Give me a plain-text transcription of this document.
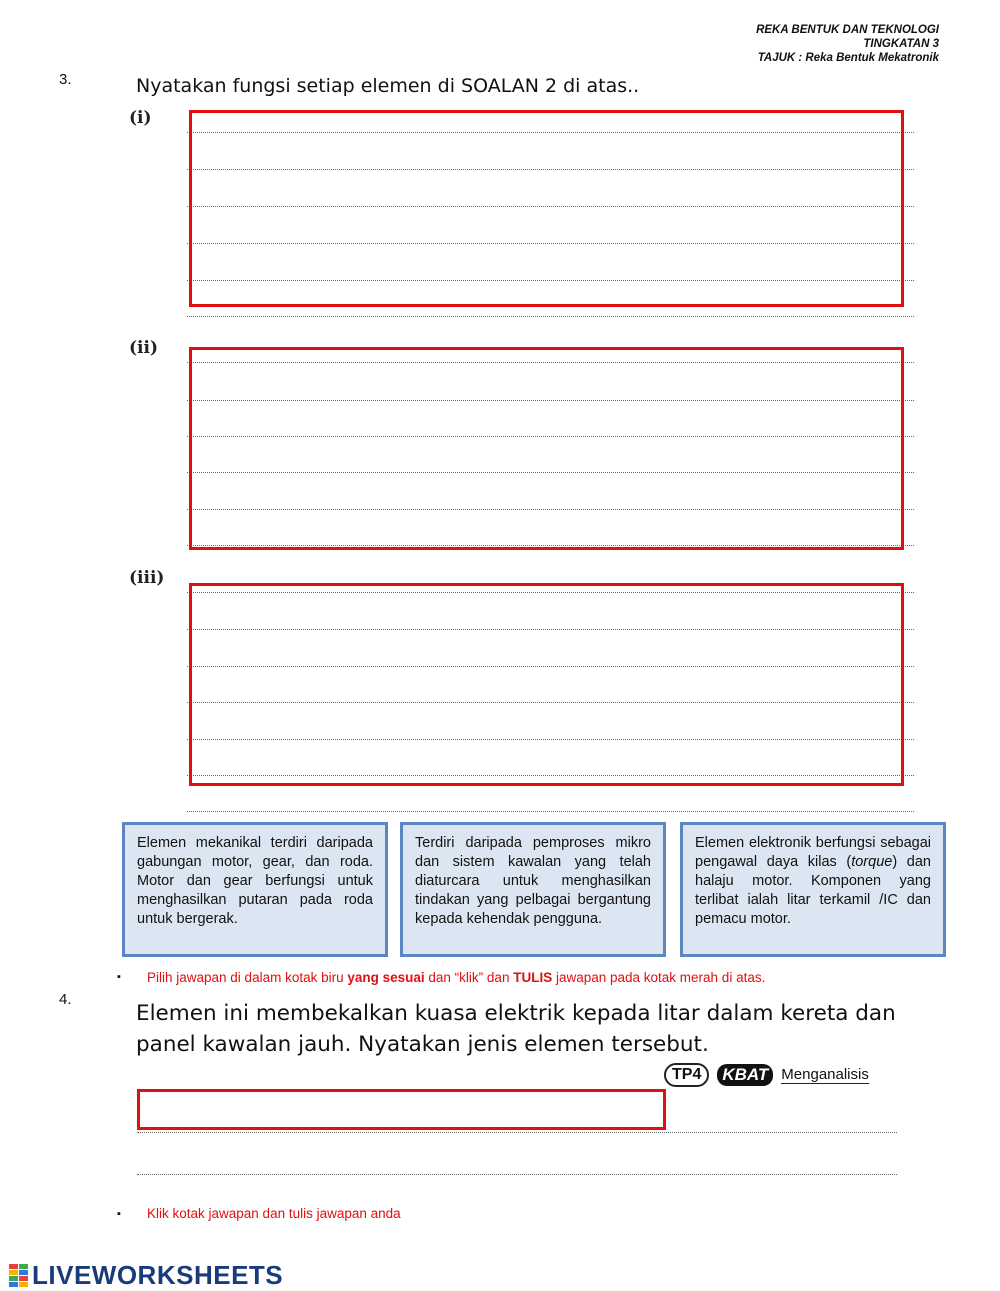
REKA BENTUK DAN TEKNOLOGI
TINGKATAN 3
TAJUK : Reka Bentuk Mekatronik
3.	Nyatakan fungsi setiap elemen di SOALAN 2 di atas..
(i)
(ii)
(iii)
Elemen mekanikal terdiri daripada gabungan motor, gear, dan roda. Motor dan gear berfungsi untuk menghasilkan putaran pada roda untuk bergerak.
Terdiri daripada pemproses mikro dan sistem kawalan yang telah diaturcara untuk menghasilkan tindakan yang pelbagai bergantung kepada kehendak pengguna.
Elemen elektronik berfungsi sebagai pengawal daya kilas (torque) dan halaju motor. Komponen yang terlibat ialah litar terkamil /IC dan pemacu motor.
▪ Pilih jawapan di dalam kotak biru yang sesuai dan “klik” dan TULIS jawapan pada kotak merah di atas.
4.
Elemen ini membekalkan kuasa elektrik kepada litar dalam kereta dan
panel kawalan jauh. Nyatakan jenis elemen tersebut.
TP4	KBAT Menganalisis
▪ Klik kotak jawapan dan tulis jawapan anda
LIVEWORKSHEETS
